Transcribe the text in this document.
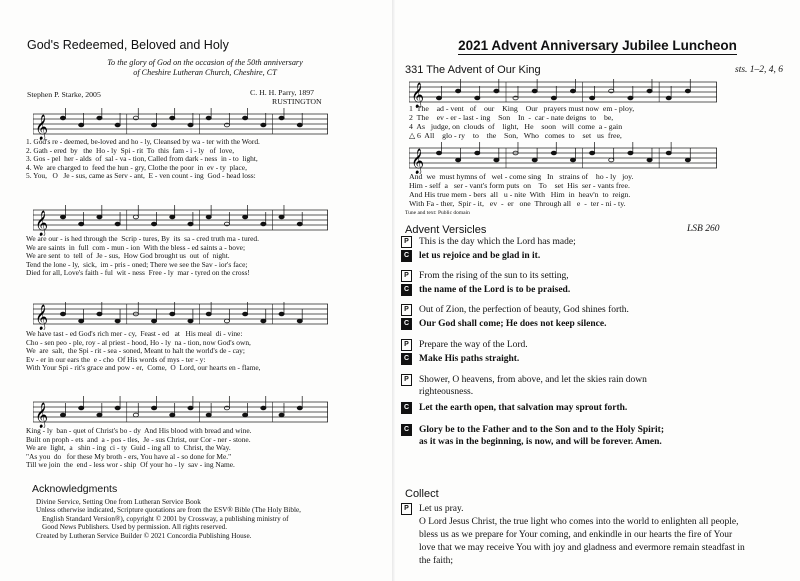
God's Redeemed, Beloved and Holy
To the glory of God on the occasion of the 50th anniversary
of Cheshire Lutheran Church, Cheshire, CT
Stephen P. Starke, 2005	C. H. H. Parry, 1897
RUSTINGTON
𝄞
1. God's re - deemed, be-loved and ho - ly, Cleansed by wa - ter with the Word.
2. Gath - ered  by   the  Ho - ly  Spi - rit  To  this  fam - i - ly   of  love,
3. Gos - pel  her - alds  of  sal - va - tion, Called from dark - ness  in - to  light,
4. We  are charged to  feed the hun - gry, Clothe the poor  in  ev - ty  place,
5. You,   O   Je - sus, came as Serv - ant,  E - ven count - ing  God - head loss:
𝄞
We are our - is hed through the  Scrip - tures, By  its  sa - cred truth ma - tured.
We are saints  in  full  com - mun - ion  With the bless - ed saints a - bove;
We are sent  to  tell  of  Je - sus,  How God brought us  out  of  night.
Tend the lone - ly,  sick,  im - pris - oned; There we see the Sav - ior's face;
Died for all, Love's faith - ful  wit - ness  Free - ly  mar - tyred on the cross!
𝄞
We have tast - ed God's rich mer - cy,  Feast - ed   at   His meal  di - vine:
Cho - sen peo - ple, roy - al priest - hood, Ho - ly  na - tion, now God's own,
We  are  salt,  the Spi - rit - sea - soned, Meant to halt the world's de - cay;
Ev - er in our ears the  e - cho  Of His words of mys - ter - y:
With Your Spi - rit's grace and pow - er,  Come,  O  Lord, our hearts en - flame,
𝄞
King - ly  ban - quet of Christ's bo - dy  And His blood with bread and wine.
Built on proph - ets  and  a - pos - tles,  Je - sus Christ, our Cor - ner - stone.
We are  light,  a   shin - ing  ci - ty  Guid - ing all  to  Christ, the Way.
"As you  do   for these My broth - ers, You have al - so done for Me."
Till we join  the  end - less wor - ship  Of your ho - ly  sav - ing Name.
Acknowledgments
Divine Service, Setting One from Lutheran Service Book
Unless otherwise indicated, Scripture quotations are from the ESV® Bible (The Holy Bible,
English Standard Version®), copyright © 2001 by Crossway, a publishing ministry of
Good News Publishers. Used by permission. All rights reserved.
Created by Lutheran Service Builder © 2021 Concordia Publishing House.
2021 Advent Anniversary Jubilee Luncheon
331 The Advent of Our King	sts. 1–2, 4, 6
𝄞
1  The    ad - vent   of    our    King    Our   prayers must now  em - ploy,
2  The    ev - er - last - ing    Son    In  -  car - nate deigns  to    be,
4  As   judge, on  clouds  of    light,   He    soon   will  come  a - gain
△ 6  All    glo - ry    to    the    Son,   Who   comes  to    set   us  free,
𝄞
And  we  must hymns of   wel - come sing   In   strains of    ho - ly   joy.
Him - self  a   ser - vant's form puts  on    To    set  His  ser - vants free.
And His true mem - bers  all   u - nite  With   Him  in  heav'n  to  reign.
With Fa - ther,  Spir - it,   ev  -  er   one  Through all   e  -  ter - ni - ty.
Tune and text: Public domain
Advent Versicles	LSB 260
P	This is the day which the Lord has made;
C	let us rejoice and be glad in it.
P	From the rising of the sun to its setting,
C	the name of the Lord is to be praised.
P	Out of Zion, the perfection of beauty, God shines forth.
C	Our God shall come; He does not keep silence.
P	Prepare the way of the Lord.
C	Make His paths straight.
P	Shower, O heavens, from above, and let the skies rain down
righteousness.
C	Let the earth open, that salvation may sprout forth.
C	Glory be to the Father and to the Son and to the Holy Spirit;
as it was in the beginning, is now, and will be forever. Amen.
Collect
P	Let us pray.
O Lord Jesus Christ, the true light who comes into the world to enlighten all people, bless us as we prepare for Your coming, and enkindle in our hearts the fire of Your love that we may receive You with joy and gladness and evermore remain steadfast in the faith;
